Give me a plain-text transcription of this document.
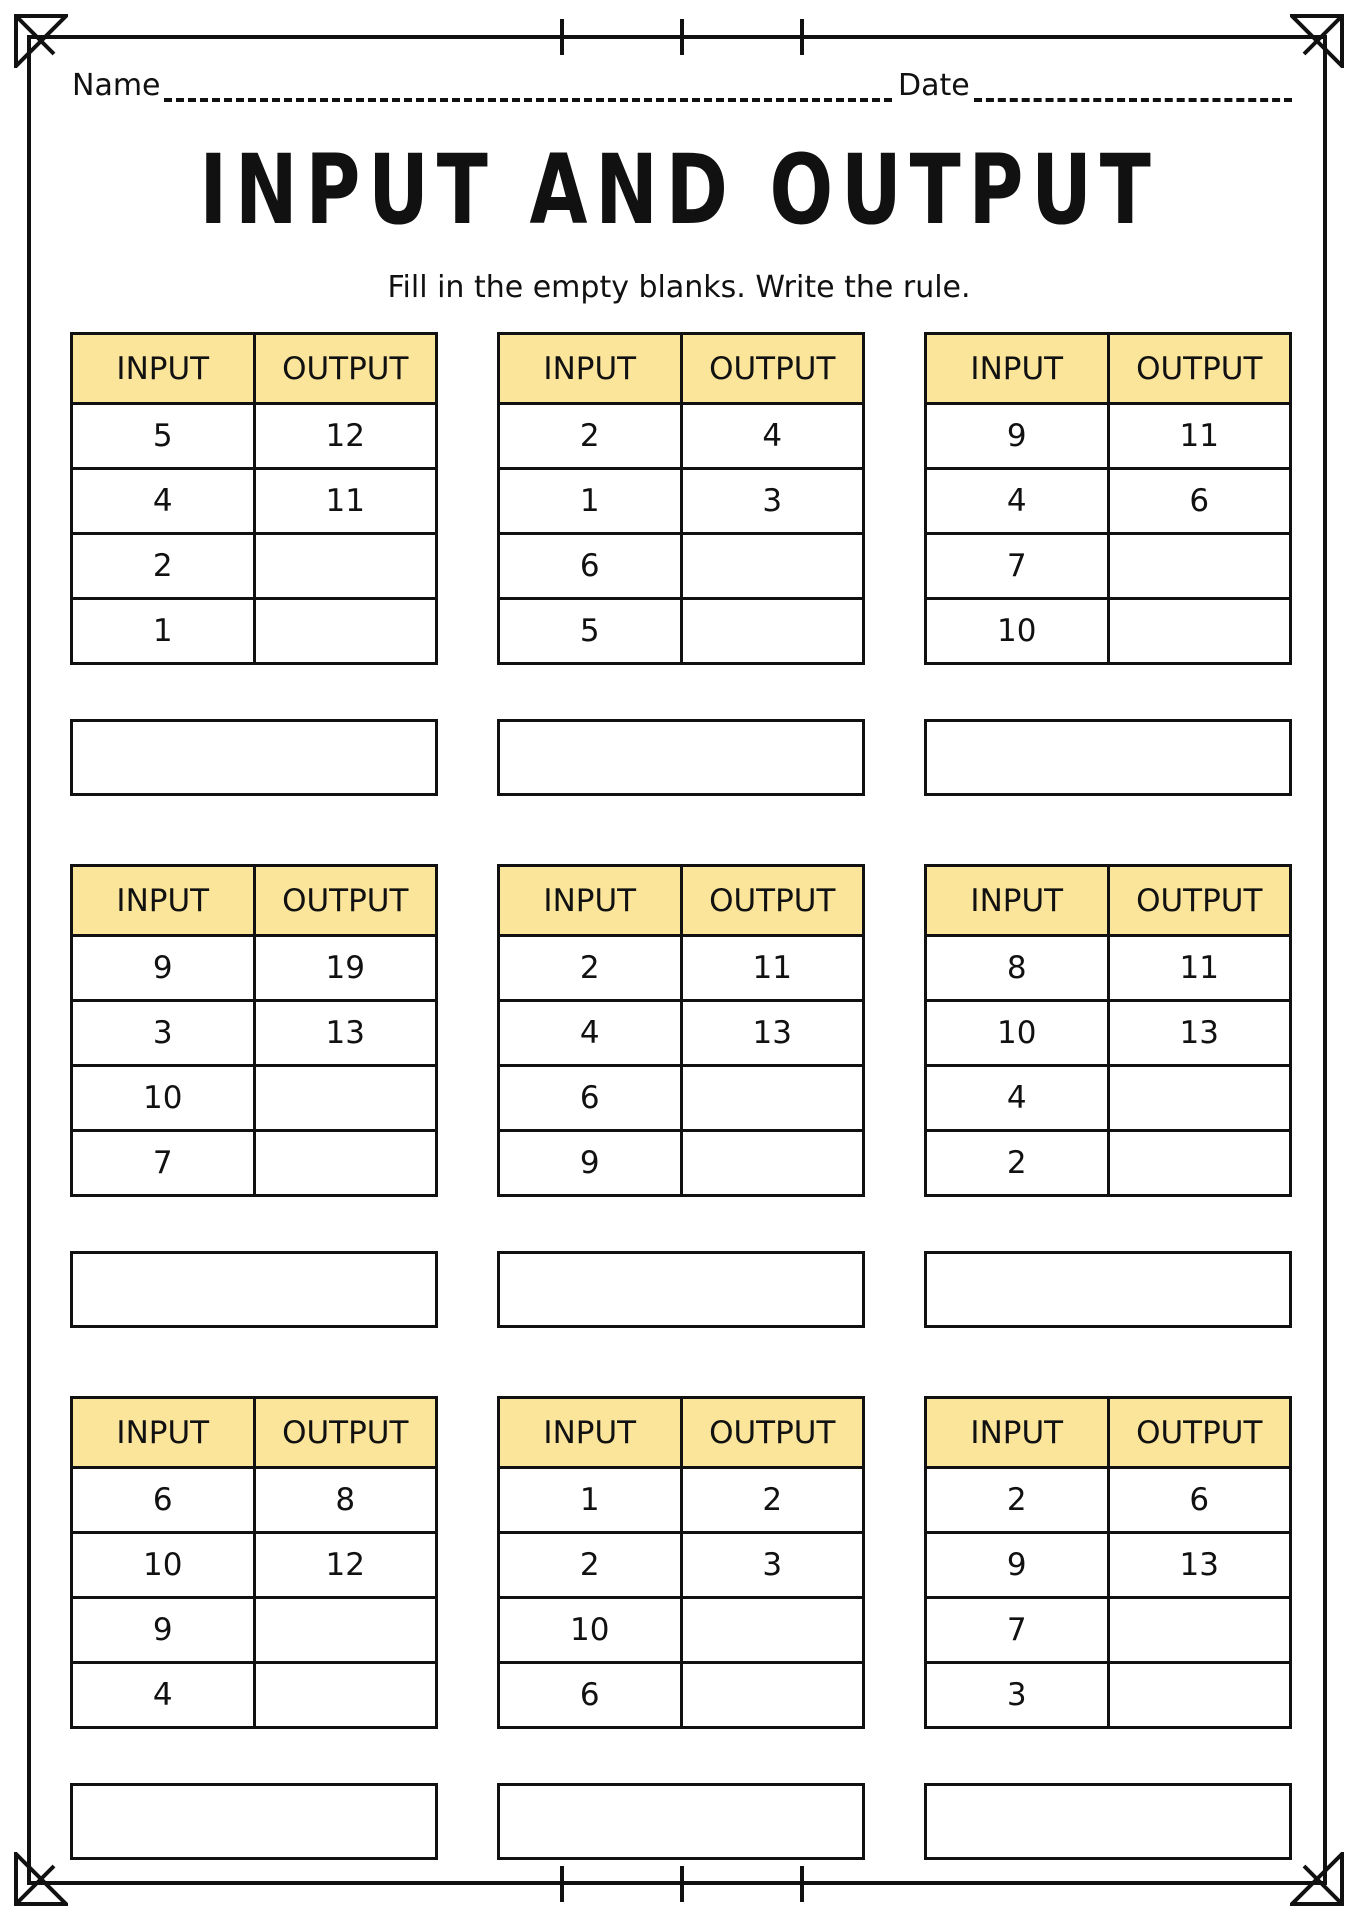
Name	Date
INPUT AND OUTPUT
Fill in the empty blanks. Write the rule.
INPUT	OUTPUT
5	12
4	11
2	
1	
INPUT	OUTPUT
2	4
1	3
6	
5	
INPUT	OUTPUT
9	11
4	6
7	
10	
INPUT	OUTPUT
9	19
3	13
10	
7	
INPUT	OUTPUT
2	11
4	13
6	
9	
INPUT	OUTPUT
8	11
10	13
4	
2	
INPUT	OUTPUT
6	8
10	12
9	
4	
INPUT	OUTPUT
1	2
2	3
10	
6	
INPUT	OUTPUT
2	6
9	13
7	
3	
